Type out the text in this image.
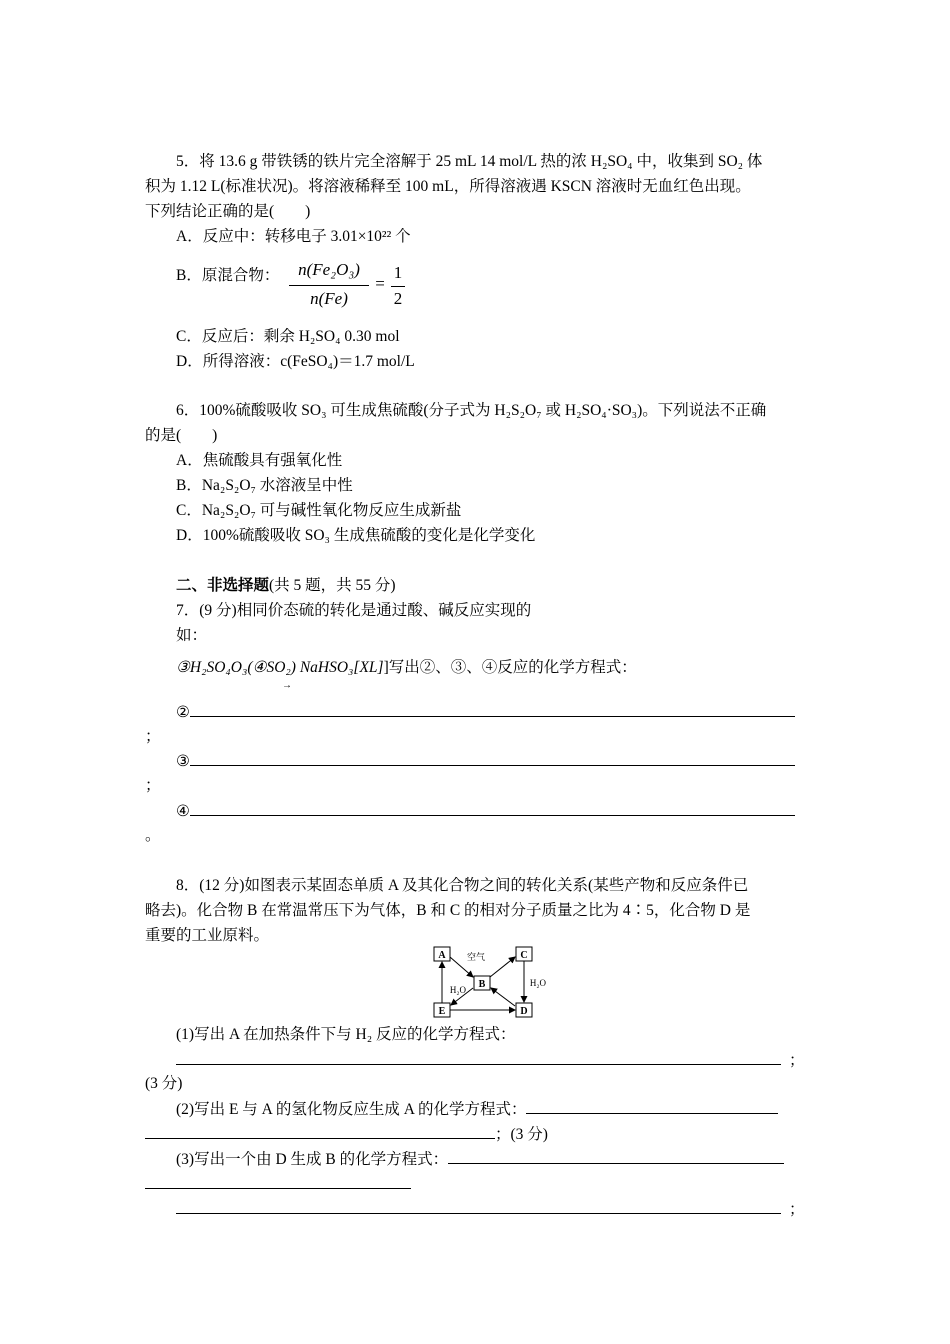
5．将 13.6 g 带铁锈的铁片完全溶解于 25 mL 14 mol/L 热的浓 H₂SO₄ 中，收集到 SO₂ 体
积为 1.12 L(标准状况)。将溶液稀释至 100 mL，所得溶液遇 KSCN 溶液时无血红色出现。
下列结论正确的是(　　)
A．反应中：转移电子 3.01×10²² 个
B．原混合物：	n(Fe₂O₃)
n(Fe)
=
1
2
C．反应后：剩余 H₂SO₄ 0.30 mol
D．所得溶液：c(FeSO₄)＝1.7 mol/L
6．100%硫酸吸收 SO₃ 可生成焦硫酸(分子式为 H₂S₂O₇ 或 H₂SO₄·SO₃)。下列说法不正确
的是(　　)
A．焦硫酸具有强氧化性
B．Na₂S₂O₇ 水溶液呈中性
C．Na₂S₂O₇ 可与碱性氧化物反应生成新盐
D．100%硫酸吸收 SO₃ 生成焦硫酸的变化是化学变化
二、非选择题(共 5 题，共 55 分)
7．(9 分)相同价态硫的转化是通过酸、碱反应实现的
如：
③H₂SO₄O₃(④SO₂) NaHSO₃[XL]]写出②、③、④反应的化学方程式：
→
②
；
③
；
④
。
8．(12 分)如图表示某固态单质 A 及其化合物之间的转化关系(某些产物和反应条件已
略去)。化合物 B 在常温常压下为气体，B 和 C 的相对分子质量之比为 4∶5，化合物 D 是
重要的工业原料。
A	C
B
E	D
空气
H₂O
H₂O
(1)写出 A 在加热条件下与 H₂ 反应的化学方程式：
；
(3 分)
(2)写出 E 与 A 的氢化物反应生成 A 的化学方程式：
；(3 分)
(3)写出一个由 D 生成 B 的化学方程式：
；
